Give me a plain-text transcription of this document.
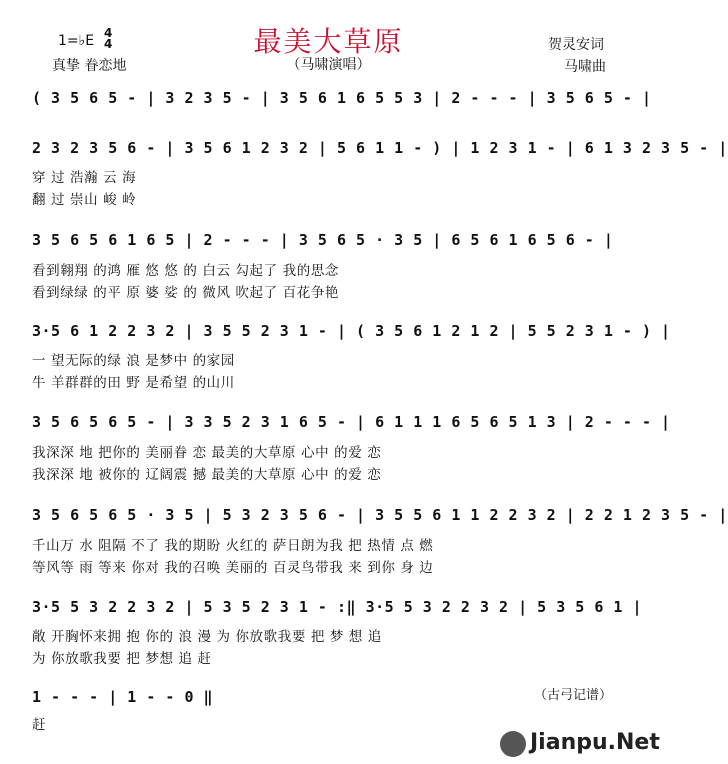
最美大草原
1=♭E 4
4
真挚 眷恋地	（马啸演唱）
贺灵安词
马啸曲
( 3 5 6 5 - | 3 2 3 5 - | 3 5 6 1 6 5 5 3 | 2 - - - | 3 5 6 5 - |
2 3 2 3 5 6 - | 3 5 6 1 2 3 2 | 5 6 1 1 - ) | 1 2 3 1 - | 6 1 3 2 3 5 - |
穿 过 浩瀚 云 海
翻 过 崇山 峻 岭
3 5 6 5 6 1 6 5 | 2 - - - | 3 5 6 5 · 3 5 | 6 5 6 1 6 5 6 - |
看到翱翔 的鸿 雁 悠 悠 的 白云 勾起了 我的思念
看到绿绿 的平 原 婆 娑 的 微风 吹起了 百花争艳
3·5 6 1 2 2 3 2 | 3 5 5 2 3 1 - | ( 3 5 6 1 2 1 2 | 5 5 2 3 1 - ) |
一 望无际的绿 浪 是梦中 的家园
牛 羊群群的田 野 是希望 的山川
3 5 6 5 6 5 - | 3 3 5 2 3 1 6 5 - | 6 1 1 1 6 5 6 5 1 3 | 2 - - - |
我深深 地 把你的 美丽眷 恋 最美的大草原 心中 的爱 恋
我深深 地 被你的 辽阔震 撼 最美的大草原 心中 的爱 恋
3 5 6 5 6 5 · 3 5 | 5 3 2 3 5 6 - | 3 5 5 6 1 1 2 2 3 2 | 2 2 1 2 3 5 - |
千山万 水 阻隔 不了 我的期盼 火红的 萨日朗为我 把 热情 点 燃
等风等 雨 等来 你对 我的召唤 美丽的 百灵鸟带我 来 到你 身 边
3·5 5 3 2 2 3 2 | 5 3 5 2 3 1 - :‖ 3·5 5 3 2 2 3 2 | 5 3 5 6 1 |
敞 开胸怀来拥 抱 你的 浪 漫 为 你放歌我要 把 梦 想 追
为 你放歌我要 把 梦想 追 赶
1 - - - | 1 - - 0 ‖
赶
（古弓记谱）
Jianpu.Net
